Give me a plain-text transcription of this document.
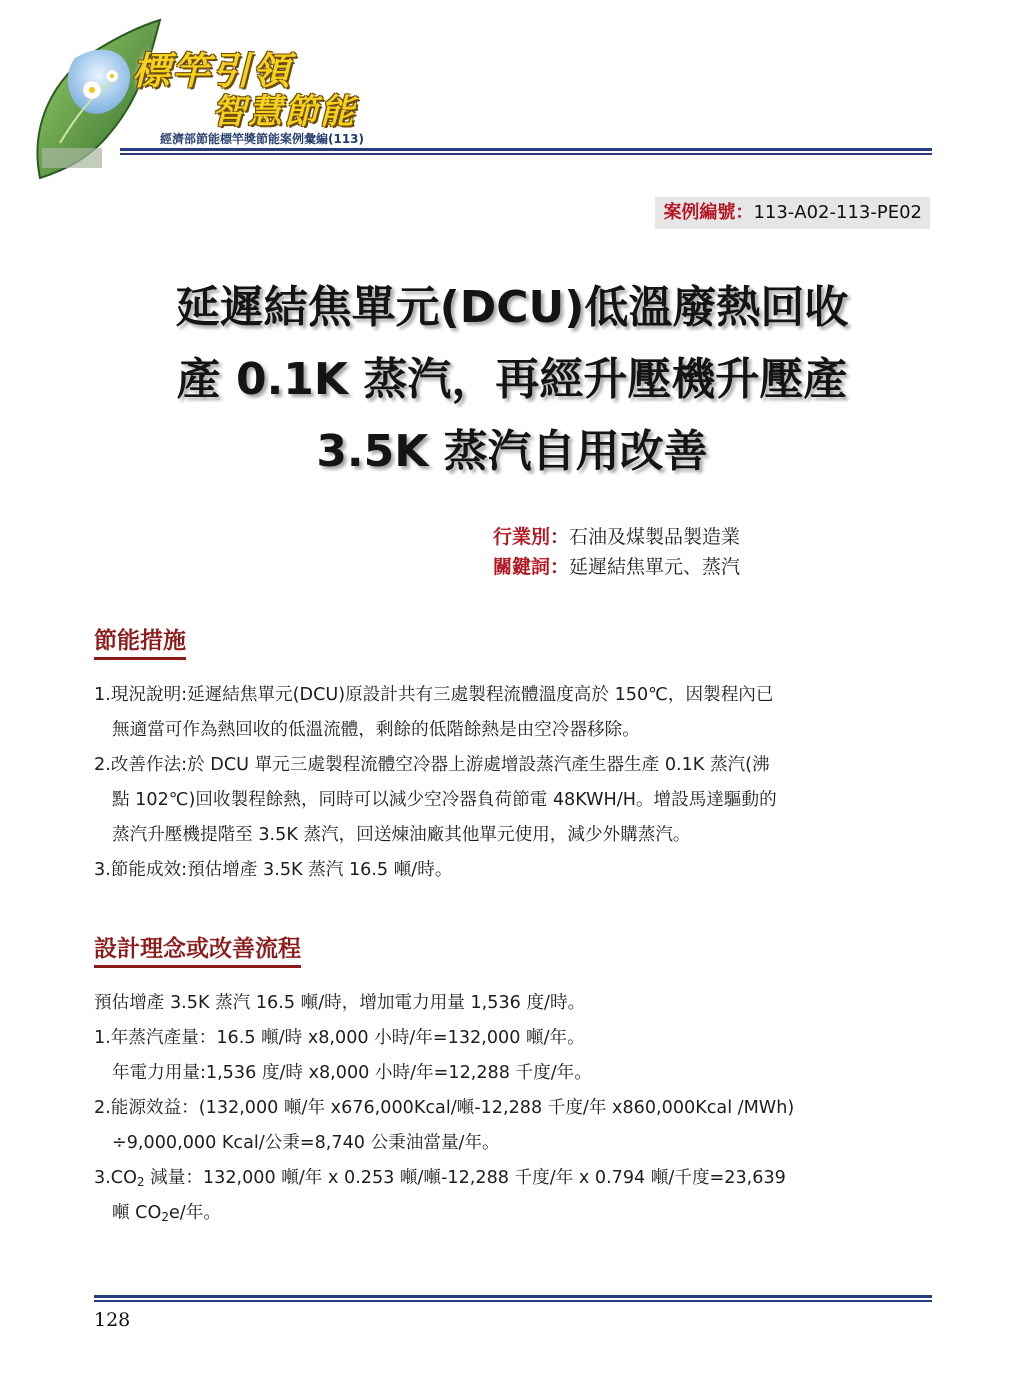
標竿引領
智慧節能
經濟部節能標竿獎節能案例彙編(113)
案例編號：113-A02-113-PE02
延遲結焦單元(DCU)低溫廢熱回收
產 0.1K 蒸汽，再經升壓機升壓產
3.5K 蒸汽自用改善
行業別：石油及煤製品製造業
關鍵詞：延遲結焦單元、蒸汽
節能措施
1.現況說明:延遲結焦單元(DCU)原設計共有三處製程流體溫度高於 150℃，因製程內已
無適當可作為熱回收的低溫流體，剩餘的低階餘熱是由空冷器移除。
2.改善作法:於 DCU 單元三處製程流體空冷器上游處增設蒸汽產生器生產 0.1K 蒸汽(沸
點 102℃)回收製程餘熱，同時可以減少空冷器負荷節電 48KWH/H。增設馬達驅動的
蒸汽升壓機提階至 3.5K 蒸汽，回送煉油廠其他單元使用，減少外購蒸汽。
3.節能成效:預估增產 3.5K 蒸汽 16.5 噸/時。
設計理念或改善流程
預估增產 3.5K 蒸汽 16.5 噸/時，增加電力用量 1,536 度/時。
1.年蒸汽產量：16.5 噸/時 x8,000 小時/年=132,000 噸/年。
年電力用量:1,536 度/時 x8,000 小時/年=12,288 千度/年。
2.能源效益：(132,000 噸/年 x676,000Kcal/噸-12,288 千度/年 x860,000Kcal /MWh)
÷9,000,000 Kcal/公秉=8,740 公秉油當量/年。
$3.CO_2$ 減量：132,000 噸/年 x 0.253 噸/噸-12,288 千度/年 x 0.794 噸/千度=23,639
噸 $CO_2e/$年。
128
